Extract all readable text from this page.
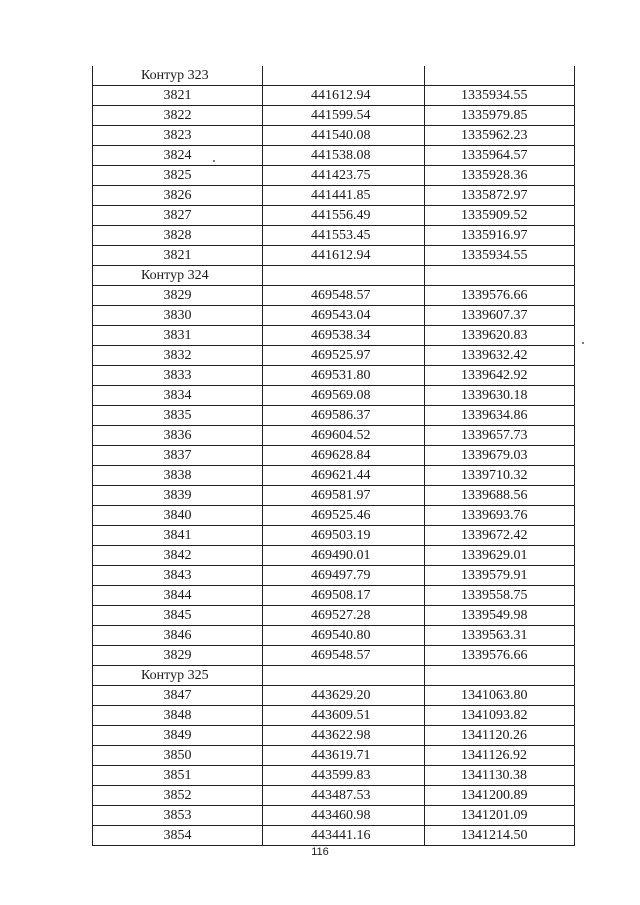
Контур 323		
3821	441612.94	1335934.55
3822	441599.54	1335979.85
3823	441540.08	1335962.23
3824	441538.08	1335964.57
3825	441423.75	1335928.36
3826	441441.85	1335872.97
3827	441556.49	1335909.52
3828	441553.45	1335916.97
3821	441612.94	1335934.55
Контур 324		
3829	469548.57	1339576.66
3830	469543.04	1339607.37
3831	469538.34	1339620.83
3832	469525.97	1339632.42
3833	469531.80	1339642.92
3834	469569.08	1339630.18
3835	469586.37	1339634.86
3836	469604.52	1339657.73
3837	469628.84	1339679.03
3838	469621.44	1339710.32
3839	469581.97	1339688.56
3840	469525.46	1339693.76
3841	469503.19	1339672.42
3842	469490.01	1339629.01
3843	469497.79	1339579.91
3844	469508.17	1339558.75
3845	469527.28	1339549.98
3846	469540.80	1339563.31
3829	469548.57	1339576.66
Контур 325		
3847	443629.20	1341063.80
3848	443609.51	1341093.82
3849	443622.98	1341120.26
3850	443619.71	1341126.92
3851	443599.83	1341130.38
3852	443487.53	1341200.89
3853	443460.98	1341201.09
3854	443441.16	1341214.50
116
